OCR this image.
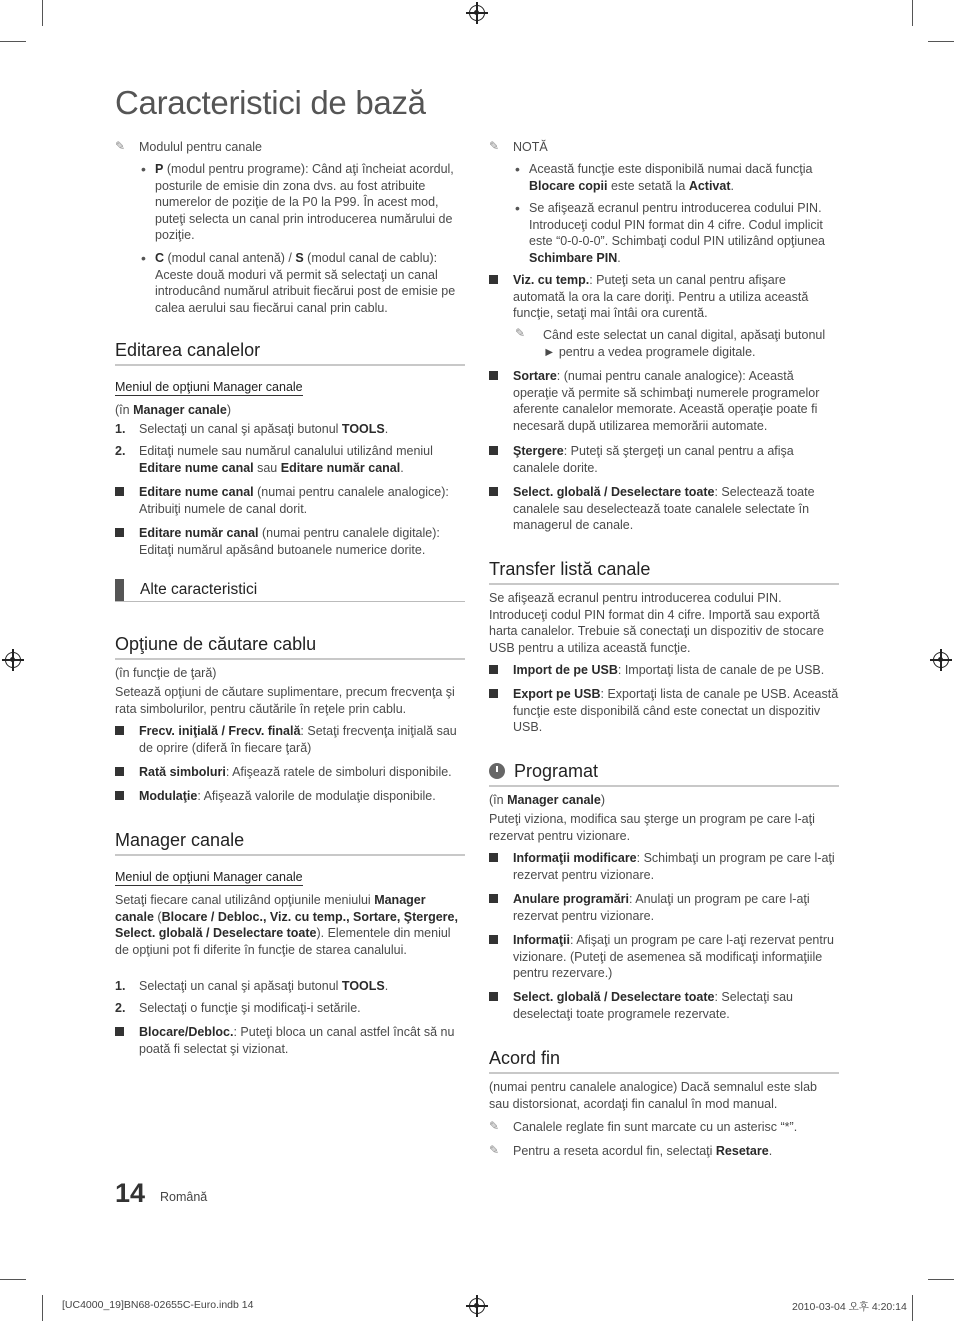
Caracteristici de bază
✎	Modulul pentru canale
• P (modul pentru programe): Când aţi încheiat acordul, posturile de emisie din zona dvs. au fost atribuite numerelor de poziţie de la P0 la P99. În acest mod, puteţi selecta un canal prin introducerea numărului de poziţie.
• C (modul canal antenă) / S (modul canal de cablu): Aceste două moduri vă permit să selectaţi un canal introducând numărul atribuit fiecărui post de emisie pe calea aerului sau fiecărui canal prin cablu.
Editarea canalelor
Meniul de opţiuni Manager canale
(în Manager canale)
1. Selectaţi un canal şi apăsaţi butonul TOOLS.
2. Editaţi numele sau numărul canalului utilizând meniul Editare nume canal sau Editare număr canal.
Editare nume canal (numai pentru canalele analogice): Atribuiţi numele de canal dorit.
Editare număr canal (numai pentru canalele digitale): Editaţi numărul apăsând butoanele numerice dorite.
Alte caracteristici
Opţiune de căutare cablu
(în funcţie de ţară)
Setează opţiuni de căutare suplimentare, precum frecvenţa şi rata simbolurilor, pentru căutările în reţele prin cablu.
Frecv. iniţială / Frecv. finală: Setaţi frecvenţa iniţială sau de oprire (diferă în fiecare ţară)
Rată simboluri: Afişează ratele de simboluri disponibile.
Modulaţie: Afişează valorile de modulaţie disponibile.
Manager canale
Meniul de opţiuni Manager canale
Setaţi fiecare canal utilizând opţiunile meniului Manager canale (Blocare / Debloc., Viz. cu temp., Sortare, Ştergere, Select. globală / Deselectare toate). Elementele din meniul de opţiuni pot fi diferite în funcţie de starea canalului.
1. Selectaţi un canal şi apăsaţi butonul TOOLS.
2. Selectaţi o funcţie şi modificaţi-i setările.
Blocare/Debloc.: Puteţi bloca un canal astfel încât să nu poată fi selectat şi vizionat.
✎	NOTĂ
• Această funcţie este disponibilă numai dacă funcţia Blocare copii este setată la Activat.
• Se afişează ecranul pentru introducerea codului PIN. Introduceţi codul PIN format din 4 cifre. Codul implicit este “0-0-0-0”. Schimbaţi codul PIN utilizând opţiunea Schimbare PIN.
Viz. cu temp.: Puteţi seta un canal pentru afişare automată la ora la care doriţi. Pentru a utiliza această funcţie, setaţi mai întâi ora curentă.
✎	Când este selectat un canal digital, apăsaţi butonul ► pentru a vedea programele digitale.
Sortare: (numai pentru canale analogice): Această operaţie vă permite să schimbaţi numerele programelor aferente canalelor memorate. Această operaţie poate fi necesară după utilizarea memorării automate.
Ştergere: Puteţi să ştergeţi un canal pentru a afişa canalele dorite.
Select. globală / Deselectare toate: Selectează toate canalele sau deselectează toate canalele selectate în managerul de canale.
Transfer listă canale
Se afişează ecranul pentru introducerea codului PIN. Introduceţi codul PIN format din 4 cifre. Importă sau exportă harta canalelor. Trebuie să conectaţi un dispozitiv de stocare USB pentru a utiliza această funcţie.
Import de pe USB: Importaţi lista de canale de pe USB.
Export pe USB: Exportaţi lista de canale pe USB. Această funcţie este disponibilă când este conectat un dispozitiv USB.
Programat
(în Manager canale)
Puteţi viziona, modifica sau şterge un program pe care l-aţi rezervat pentru vizionare.
Informaţii modificare: Schimbaţi un program pe care l-aţi rezervat pentru vizionare.
Anulare programări: Anulaţi un program pe care l-aţi rezervat pentru vizionare.
Informaţii: Afişaţi un program pe care l-aţi rezervat pentru vizionare. (Puteţi de asemenea să modificaţi informaţiile pentru rezervare.)
Select. globală / Deselectare toate: Selectaţi sau deselectaţi toate programele rezervate.
Acord fin
(numai pentru canalele analogice) Dacă semnalul este slab sau distorsionat, acordaţi fin canalul în mod manual.
✎	Canalele reglate fin sunt marcate cu un asterisc “*”.
✎	Pentru a reseta acordul fin, selectaţi Resetare.
14 Română
[UC4000_19]BN68-02655C-Euro.indb 14	2010-03-04 오후 4:20:14
